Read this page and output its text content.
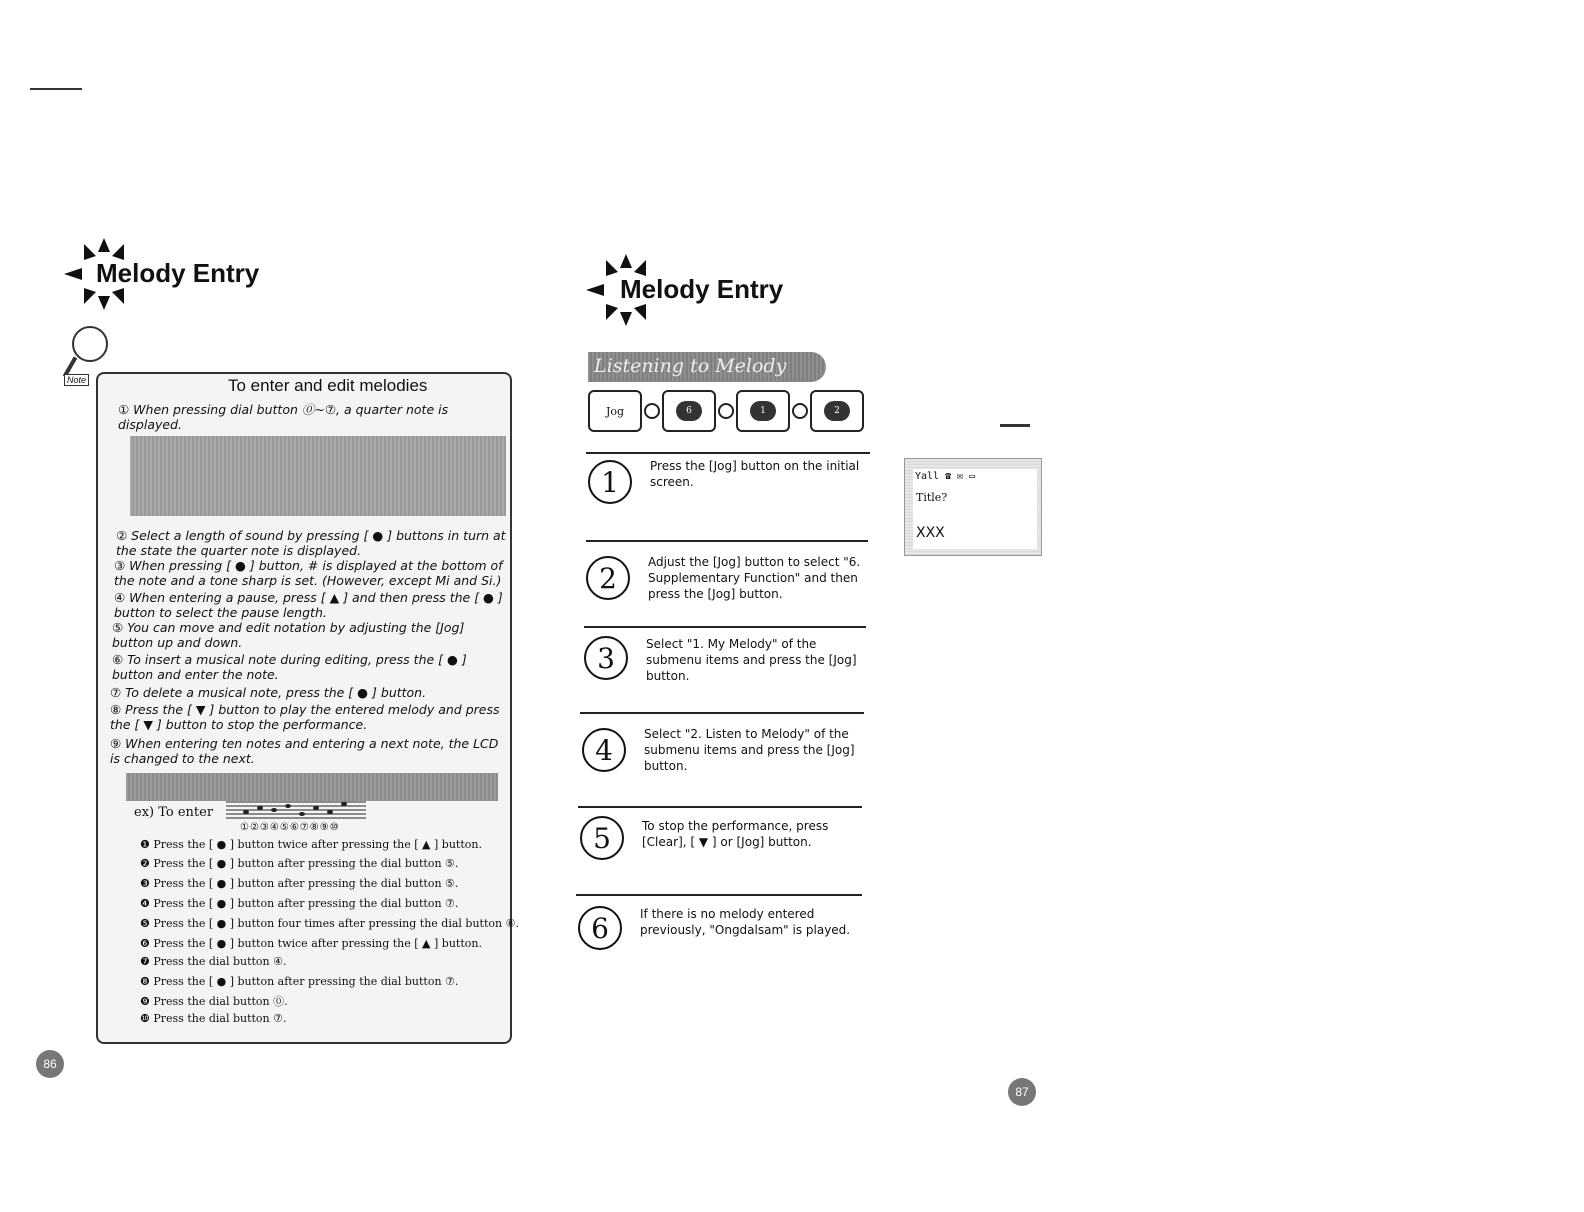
Melody Entry
Note	To enter and edit melodies
① When pressing dial button ⓪~⑦, a quarter note is displayed.
② Select a length of sound by pressing [ ● ] buttons in turn at the state the quarter note is displayed.
③ When pressing [ ● ] button, # is displayed at the bottom of the note and a tone sharp is set. (However, except Mi and Si.)
④ When entering a pause, press [ ▲ ] and then press the [ ● ] button to select the pause length.
⑤ You can move and edit notation by adjusting the [Jog] button up and down.
⑥ To insert a musical note during editing, press the [ ● ] button and enter the note.
⑦ To delete a musical note, press the [ ● ] button.
⑧ Press the [ ▼ ] button to play the entered melody and press the [ ▼ ] button to stop the performance.
⑨ When entering ten notes and entering a next note, the LCD is changed to the next.
ex) To enter
①②③④⑤⑥⑦⑧⑨⑩
❶ Press the [ ● ] button twice after pressing the [ ▲ ] button.
❷ Press the [ ● ] button after pressing the dial button ⑤.
❸ Press the [ ● ] button after pressing the dial button ⑤.
❹ Press the [ ● ] button after pressing the dial button ⑦.
❺ Press the [ ● ] button four times after pressing the dial button ⑧.
❻ Press the [ ● ] button twice after pressing the [ ▲ ] button.
❼ Press the dial button ④.
❽ Press the [ ● ] button after pressing the dial button ⑦.
❾ Press the dial button ⓪.
❿ Press the dial button ⑦.
86
Melody Entry
Listening to Melody
Jog	6	1	2
1	Press the [Jog] button on the initial screen.
2	Adjust the [Jog] button to select "6. Supplementary Function" and then press the [Jog] button.
3	Select "1. My Melody" of the submenu items and press the [Jog] button.
4	Select "2. Listen to Melody" of the submenu items and press the [Jog] button.
5	To stop the performance, press [Clear], [ ▼ ] or [Jog] button.
6	If there is no melody entered previously, "Ongdalsam" is played.
Yall ☎ ✉ ▭
Title?
XXX
87
